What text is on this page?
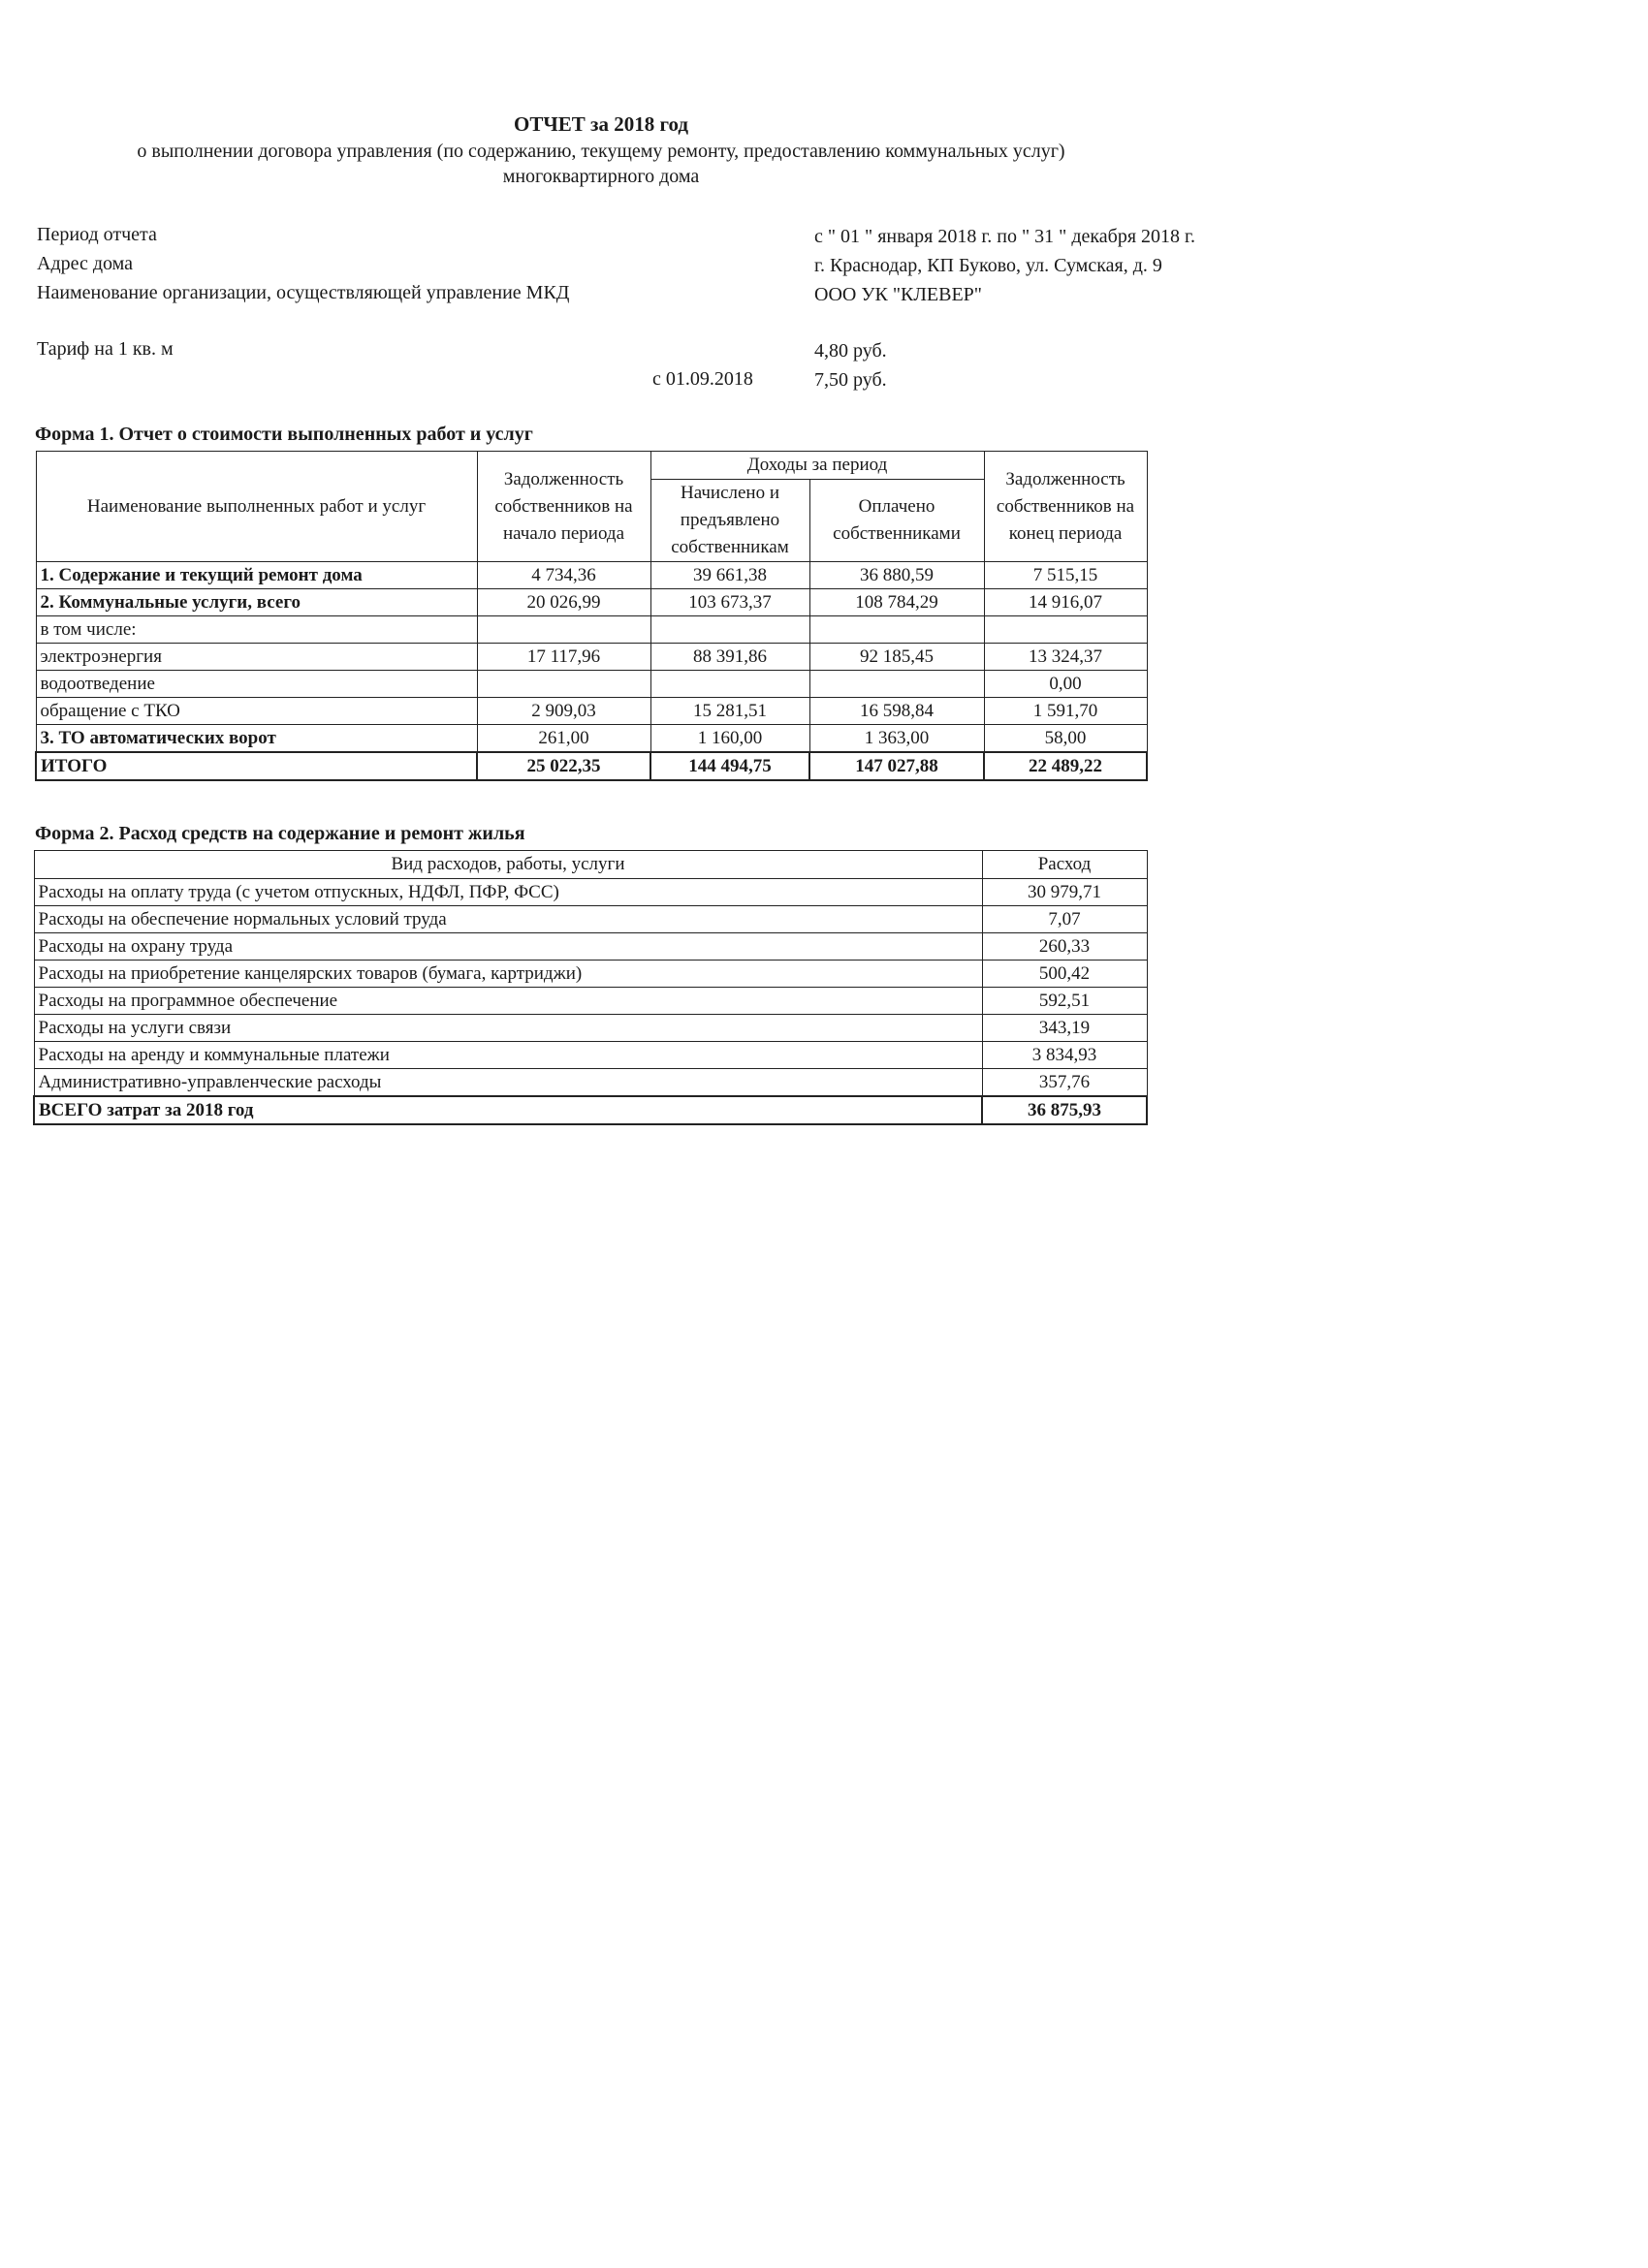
ОТЧЕТ за 2018 год
о выполнении договора управления (по содержанию, текущему ремонту, предоставлению коммунальных услуг)
многоквартирного дома
Период отчета	с " 01 " января 2018 г. по " 31 " декабря 2018 г.
Адрес дома	г. Краснодар, КП Буково, ул. Сумская, д. 9
Наименование организации, осуществляющей управление МКД	ООО УК "КЛЕВЕР"
Тариф на 1 кв. м	4,80 руб.
с 01.09.2018	7,50 руб.
Форма 1. Отчет о стоимости выполненных работ и услуг
Наименование выполненных работ и услуг	Задолженность собственников на начало периода	Доходы за период		Задолженность собственников на конец периода
		Начислено и предъявлено собственникам	Оплачено собственниками	
1. Содержание и текущий ремонт дома	4 734,36	39 661,38	36 880,59	7 515,15
2. Коммунальные услуги, всего	20 026,99	103 673,37	108 784,29	14 916,07
в том числе:				
электроэнергия	17 117,96	88 391,86	92 185,45	13 324,37
водоотведение				0,00
обращение с ТКО	2 909,03	15 281,51	16 598,84	1 591,70
3. ТО автоматических ворот	261,00	1 160,00	1 363,00	58,00
ИТОГО	25 022,35	144 494,75	147 027,88	22 489,22
Форма 2. Расход средств на содержание и ремонт жилья
Вид расходов, работы, услуги	Расход
Расходы на оплату труда (с учетом отпускных, НДФЛ, ПФР, ФСС)	30 979,71
Расходы на обеспечение нормальных условий труда	7,07
Расходы на охрану труда	260,33
Расходы на приобретение канцелярских товаров (бумага, картриджи)	500,42
Расходы на программное обеспечение	592,51
Расходы на услуги связи	343,19
Расходы на аренду и коммунальные платежи	3 834,93
Административно-управленческие расходы	357,76
ВСЕГО затрат за 2018 год	36 875,93
